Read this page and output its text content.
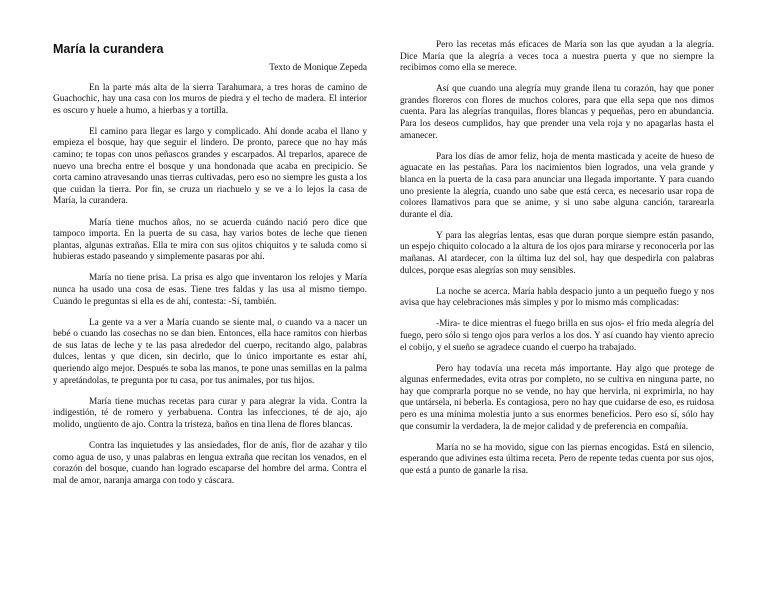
María la curandera
Texto de Monique Zepeda

En la parte más alta de la sierra Tarahumara, a tres horas de camino de Guachochic, hay una casa con los muros de piedra y el techo de madera. El interior es oscuro y huele a humo, a hierbas y a tortilla.

El camino para llegar es largo y complicado. Ahí donde acaba el llano y empieza el bosque, hay que seguir el lindero. De pronto, parece que no hay más camino; te topas con unos peñascos grandes y escarpados. Al treparlos, aparece de nuevo una brecha entre el bosque y una hondonada que acaba en precipicio. Se corta camino atravesando unas tierras cultivadas, pero eso no siempre les gusta a los que cuidan la tierra. Por fin, se cruza un riachuelo y se ve a lo lejos la casa de María, la curandera.

María tiene muchos años, no se acuerda cuándo nació pero dice que tampoco importa. En la puerta de su casa, hay varios botes de leche que tienen plantas, algunas extrañas. Ella te mira con sus ojitos chiquitos y te saluda como si hubieras estado paseando y simplemente pasaras por ahí.

María no tiene prisa. La prisa es algo que inventaron los relojes y María nunca ha usado una cosa de esas. Tiene tres faldas y las usa al mismo tiempo. Cuando le preguntas si ella es de ahí, contesta: -Sí, también.

La gente va a ver a María cuando se siente mal, o cuando va a nacer un bebé o cuando las cosechas no se dan bien. Entonces, ella hace ramitos con hierbas de sus latas de leche y te las pasa alrededor del cuerpo, recitando algo, palabras dulces, lentas y que dicen, sin decirlo, que lo único importante es estar ahí, queriendo algo mejor. Después te soba las manos, te pone unas semillas en la palma y apretándolas, te pregunta por tu casa, por tus animales, por tus hijos.

María tiene muchas recetas para curar y para alegrar la vida. Contra la indigestión, té de romero y yerbabuena. Contra las infecciones, té de ajo, ajo molido, ungüento de ajo. Contra la tristeza, baños en tina llena de flores blancas.

Contra las inquietudes y las ansiedades, flor de anís, flor de azahar y tilo como agua de uso, y unas palabras en lengua extraña que recitan los venados, en el corazón del bosque, cuando han logrado escaparse del hombre del arma. Contra el mal de amor, naranja amarga con todo y cáscara.

Pero las recetas más eficaces de María son las que ayudan a la alegría. Dice María que la alegría a veces toca a nuestra puerta y que no siempre la recibimos como ella se merece.

Así que cuando una alegría muy grande llena tu corazón, hay que poner grandes floreros con flores de muchos colores, para que ella sepa que nos dimos cuenta. Para las alegrías tranquilas, flores blancas y pequeñas, pero en abundancia. Para los deseos cumplidos, hay que prender una vela roja y no apagarlas hasta el amanecer.

Para los días de amor feliz, hoja de menta masticada y aceite de hueso de aguacate en las pestañas. Para los nacimientos bien logrados, una vela grande y blanca en la puerta de la casa para anunciar una llegada importante. Y para cuando uno presiente la alegría, cuando uno sabe que está cerca, es necesario usar ropa de colores llamativos para que se anime, y si uno sabe alguna canción, tararearla durante el día.

Y para las alegrías lentas, esas que duran porque siempre están pasando, un espejo chiquito colocado a la altura de los ojos para mirarse y reconocerla por las mañanas. Al atardecer, con la última luz del sol, hay que despedirla con palabras dulces, porque esas alegrías son muy sensibles.

La noche se acerca. María habla despacio junto a un pequeño fuego y nos avisa que hay celebraciones más simples y por lo mismo más complicadas:

-Mira- te dice mientras el fuego brilla en sus ojos- el frío meda alegría del fuego, pero sólo si tengo ojos para verlos a los dos. Y así cuando hay viento aprecio el cobijo, y el sueño se agradece cuando el cuerpo ha trabajado.

Pero hay todavía una receta más importante. Hay algo que protege de algunas enfermedades, evita otras por completo, no se cultiva en ninguna parte, no hay que comprarla porque no se vende, no hay que hervirla, ni exprimirla, no hay que untársela, ni beberla. Es contagiosa, pero no hay que cuidarse de eso, es ruidosa pero es una mínima molestia junto a sus enormes beneficios. Pero eso sí, sólo hay que consumir la verdadera, la de mejor calidad y de preferencia en compañía.

María no se ha movido, sigue con las piernas encogidas. Está en silencio, esperando que adivines esta última receta. Pero de repente tedas cuenta por sus ojos, que está a punto de ganarle la risa.
